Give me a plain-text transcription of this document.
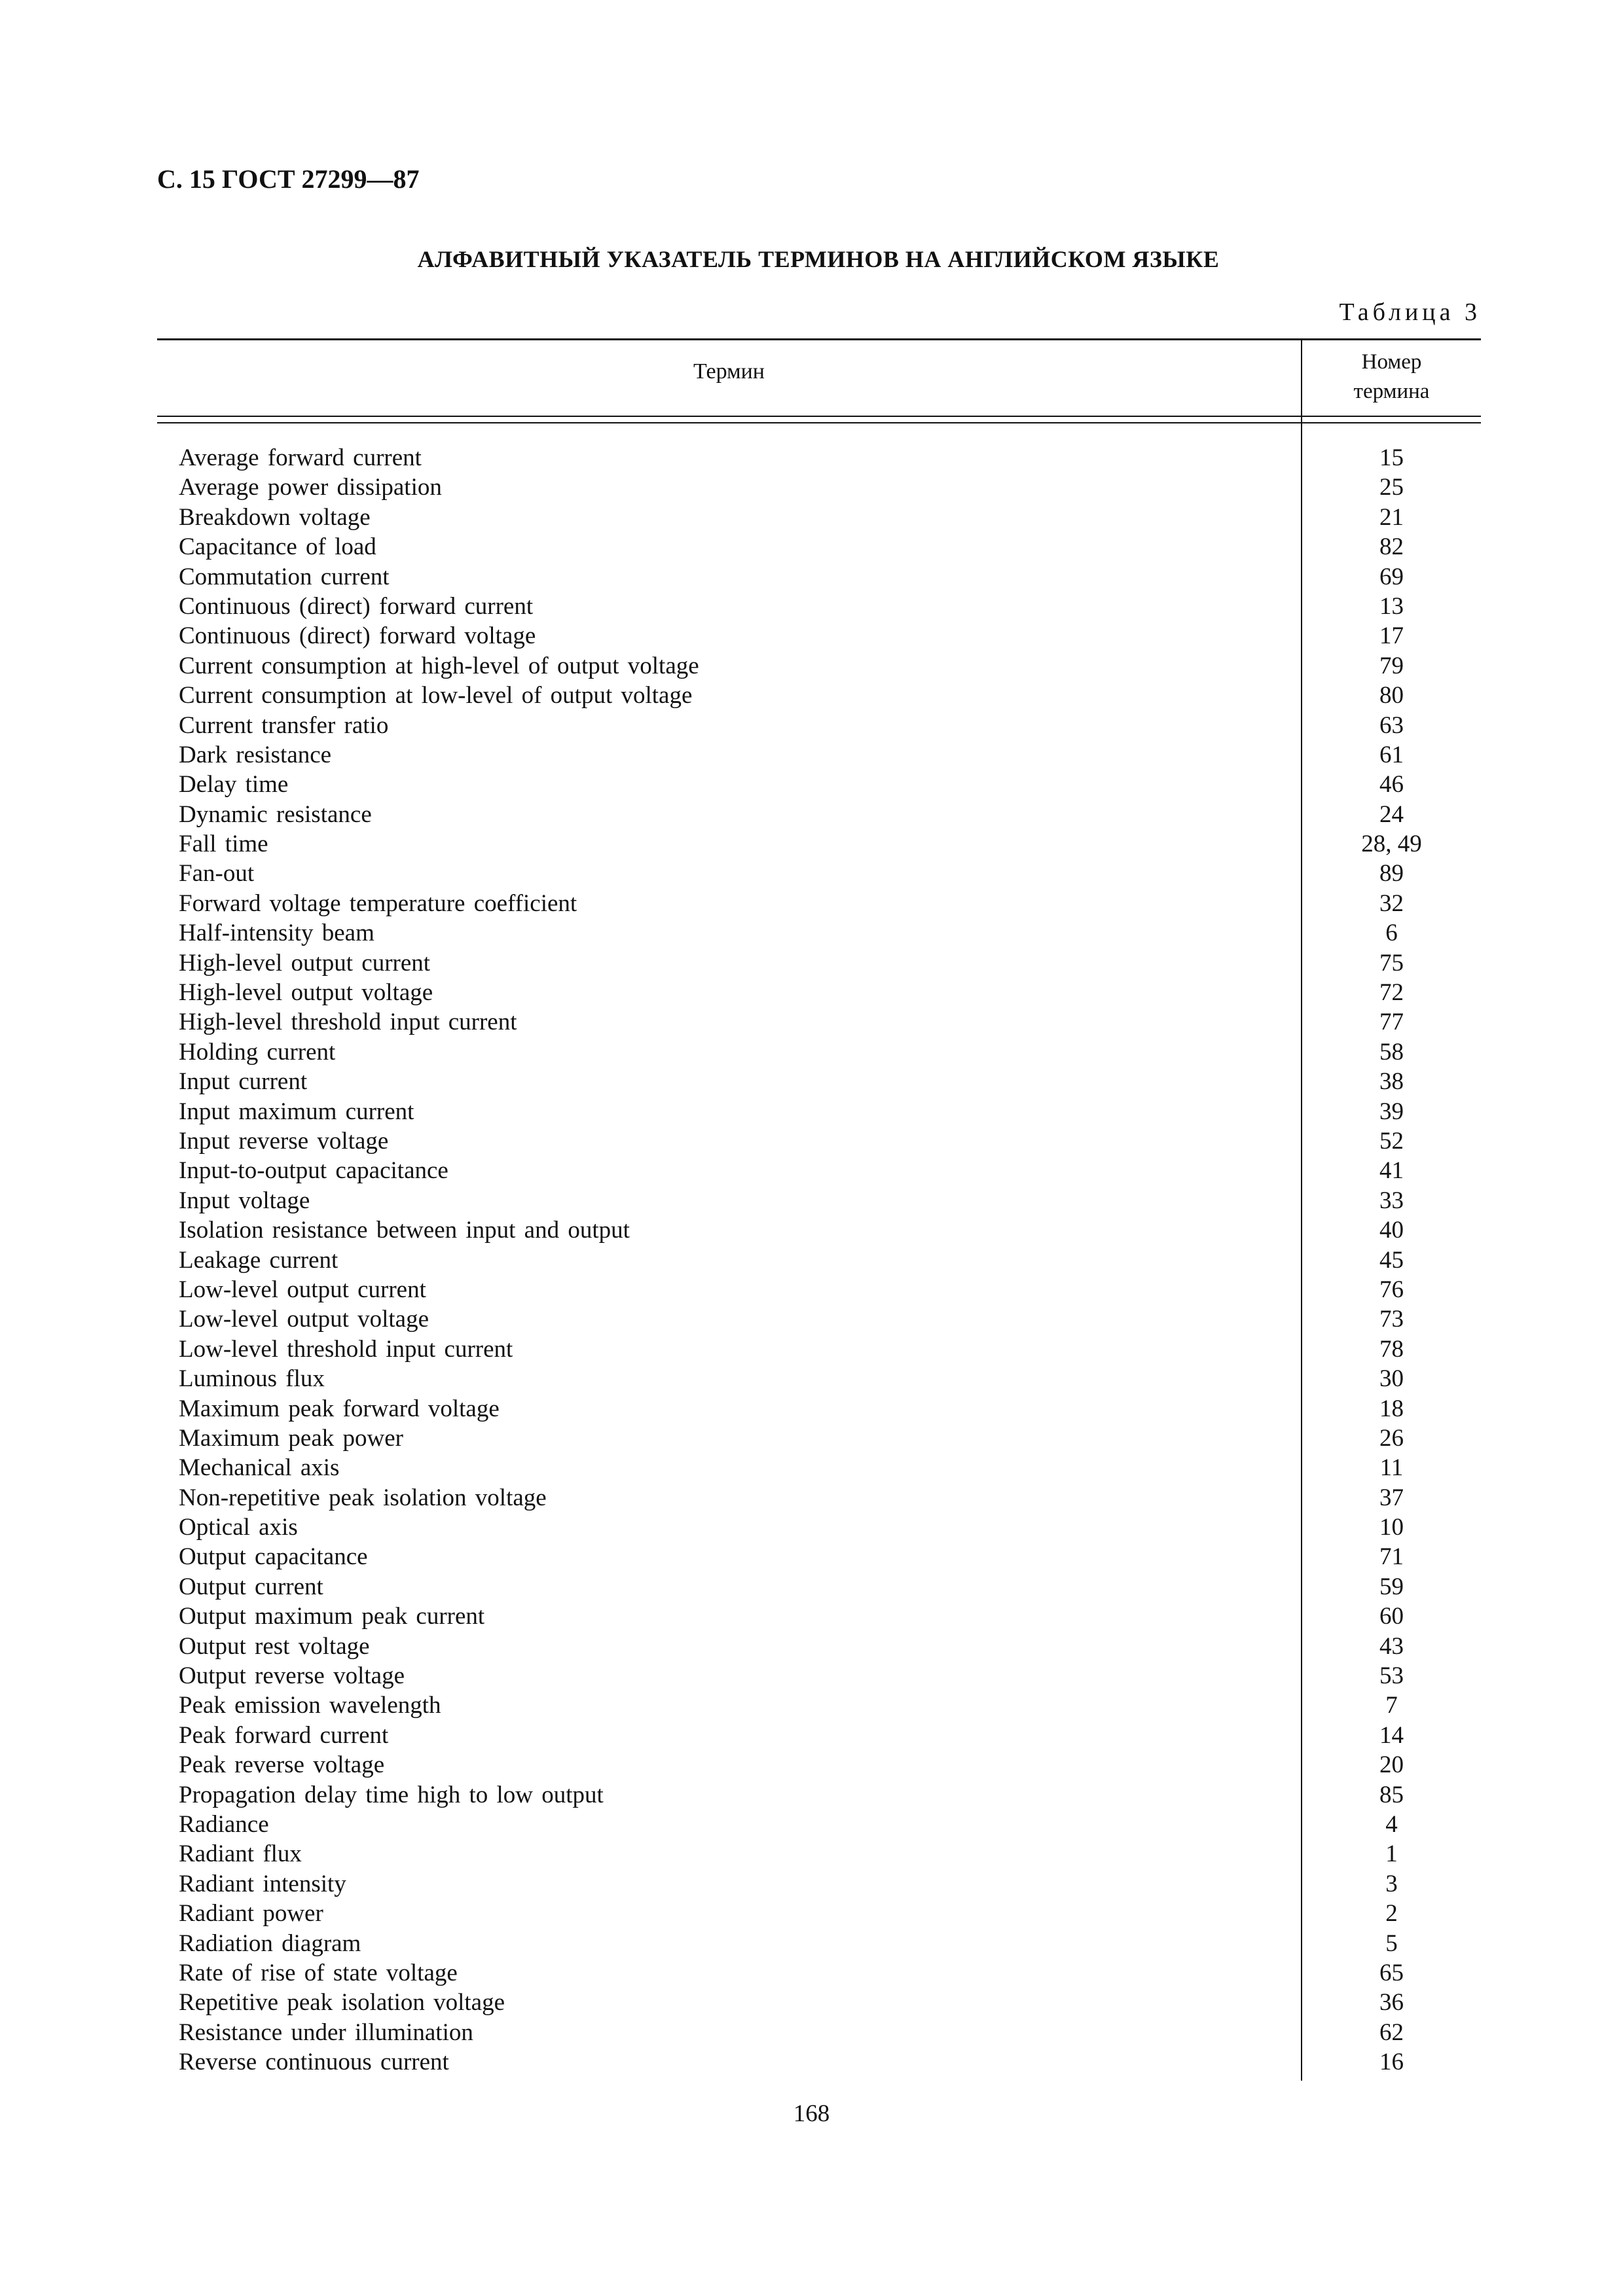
С. 15 ГОСТ 27299—87
АЛФАВИТНЫЙ УКАЗАТЕЛЬ ТЕРМИНОВ НА АНГЛИЙСКОМ ЯЗЫКЕ
Таблица 3
Термин	Номер
термина
Average forward current	15
Average power dissipation	25
Breakdown voltage	21
Capacitance of load	82
Commutation current	69
Continuous (direct) forward current	13
Continuous (direct) forward voltage	17
Current consumption at high-level of output voltage	79
Current consumption at low-level of output voltage	80
Current transfer ratio	63
Dark resistance	61
Delay time	46
Dynamic resistance	24
Fall time	28, 49
Fan-out	89
Forward voltage temperature coefficient	32
Half-intensity beam	6
High-level output current	75
High-level output voltage	72
High-level threshold input current	77
Holding current	58
Input current	38
Input maximum current	39
Input reverse voltage	52
Input-to-output capacitance	41
Input voltage	33
Isolation resistance between input and output	40
Leakage current	45
Low-level output current	76
Low-level output voltage	73
Low-level threshold input current	78
Luminous flux	30
Maximum peak forward voltage	18
Maximum peak power	26
Mechanical axis	11
Non-repetitive peak isolation voltage	37
Optical axis	10
Output capacitance	71
Output current	59
Output maximum peak current	60
Output rest voltage	43
Output reverse voltage	53
Peak emission wavelength	7
Peak forward current	14
Peak reverse voltage	20
Propagation delay time high to low output	85
Radiance	4
Radiant flux	1
Radiant intensity	3
Radiant power	2
Radiation diagram	5
Rate of rise of state voltage	65
Repetitive peak isolation voltage	36
Resistance under illumination	62
Reverse continuous current	16
168
